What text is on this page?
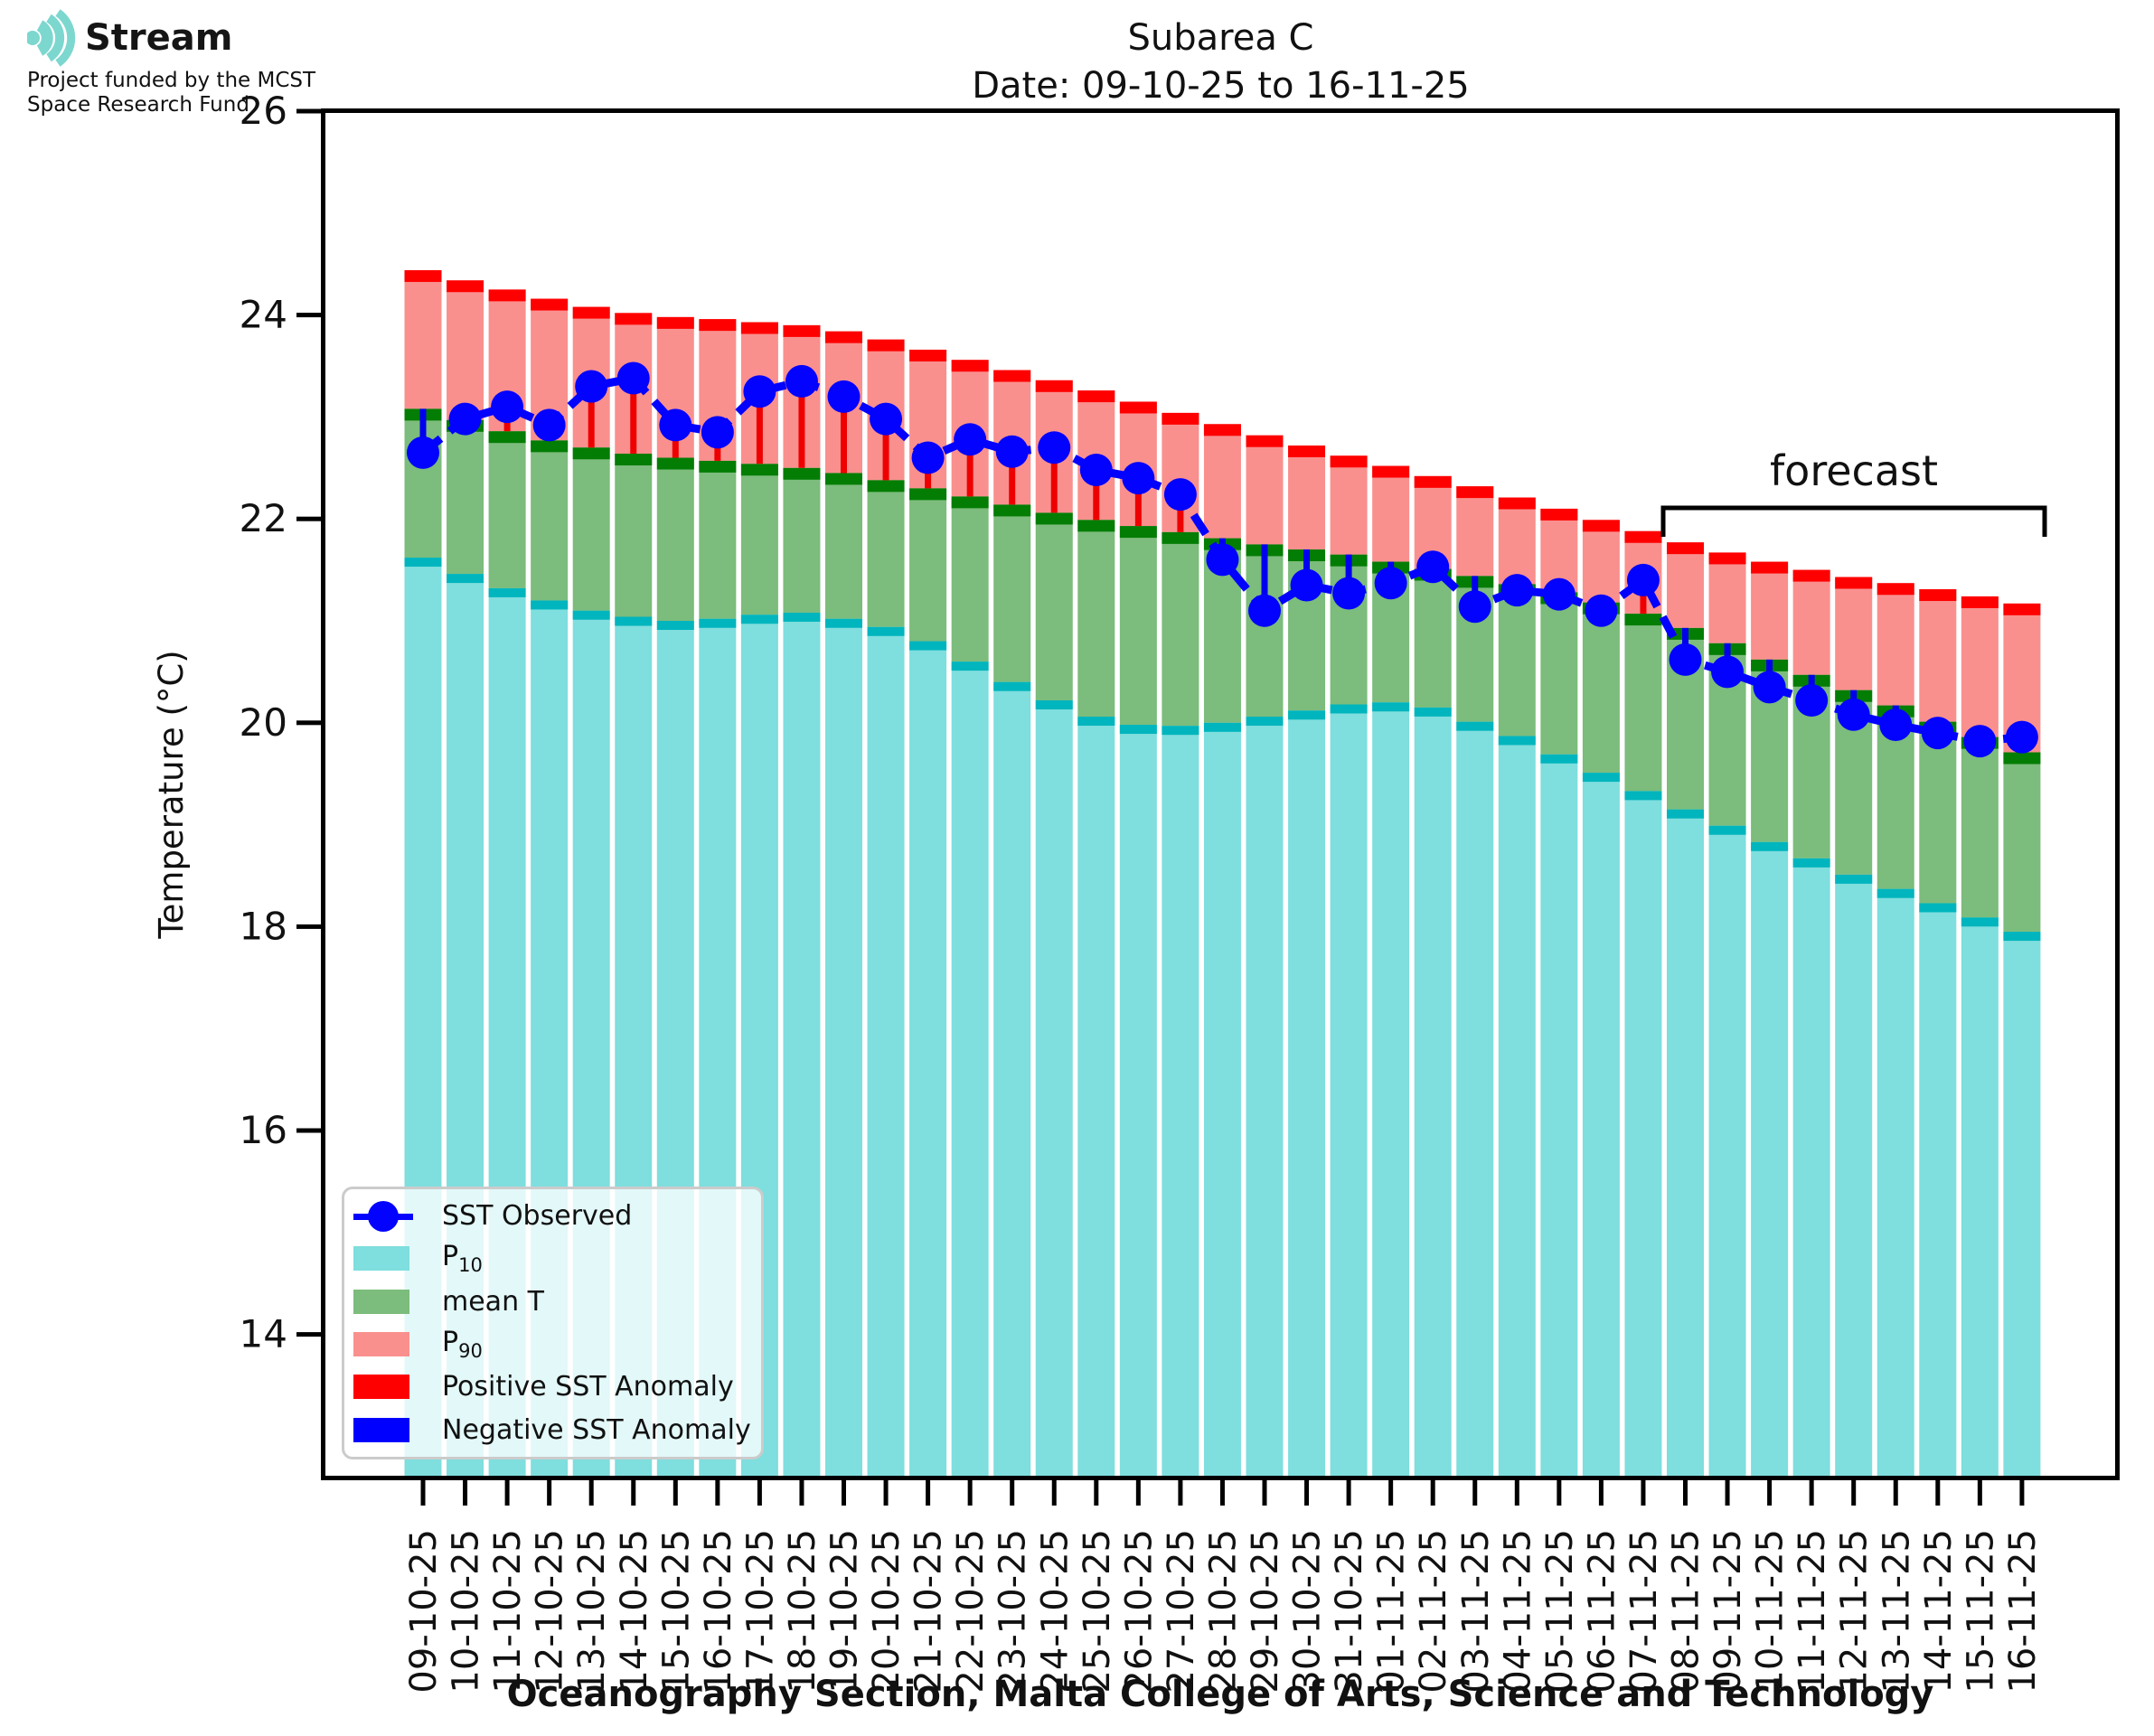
Stream
Project funded by the MCST
Space Research Fund
Subarea C
Date: 09-10-25 to 16-11-25
14
16
18
20
22
24
26
09-10-25 10-10-25 11-10-25 12-10-25 13-10-25 14-10-25 15-10-25 16-10-25 17-10-25 18-10-25 19-10-25 20-10-25 21-10-25 22-10-25 23-10-25 24-10-25 25-10-25 26-10-25 27-10-25 28-10-25 29-10-25 30-10-25 31-10-25 01-11-25 02-11-25 03-11-25 04-11-25 05-11-25 06-11-25 07-11-25 08-11-25 09-11-25 10-11-25 11-11-25 12-11-25 13-11-25 14-11-25 15-11-25 16-11-25
forecast
Temperature (°C)
Oceanography Section, Malta College of Arts, Science and Technology
SST Observed
$P_{10}$
mean T
$P_{90}$
Positive SST Anomaly
Negative SST Anomaly
